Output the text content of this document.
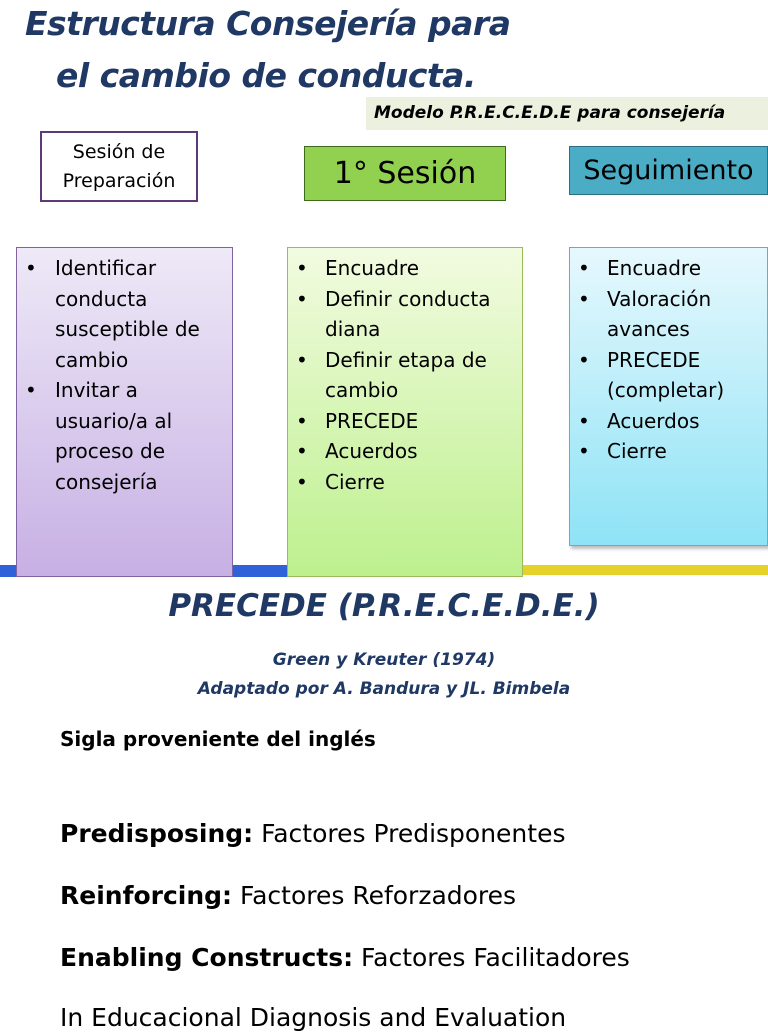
Estructura Consejería para
el cambio de conducta.
Modelo P.R.E.C.E.D.E para consejería
Sesión de
Preparación	1° Sesión	Seguimiento
• Identificar conducta susceptible de cambio
• Invitar a usuario/a al proceso de consejería
• Encuadre
• Definir conducta diana
• Definir etapa de cambio
• PRECEDE
• Acuerdos
• Cierre
• Encuadre
• Valoración avances
• PRECEDE (completar)
• Acuerdos
• Cierre
PRECEDE (P.R.E.C.E.D.E.)
Green y Kreuter (1974)
Adaptado por A. Bandura y JL. Bimbela
Sigla proveniente del inglés
Predisposing: Factores Predisponentes
Reinforcing: Factores Reforzadores
Enabling Constructs: Factores Facilitadores
In Educacional Diagnosis and Evaluation
